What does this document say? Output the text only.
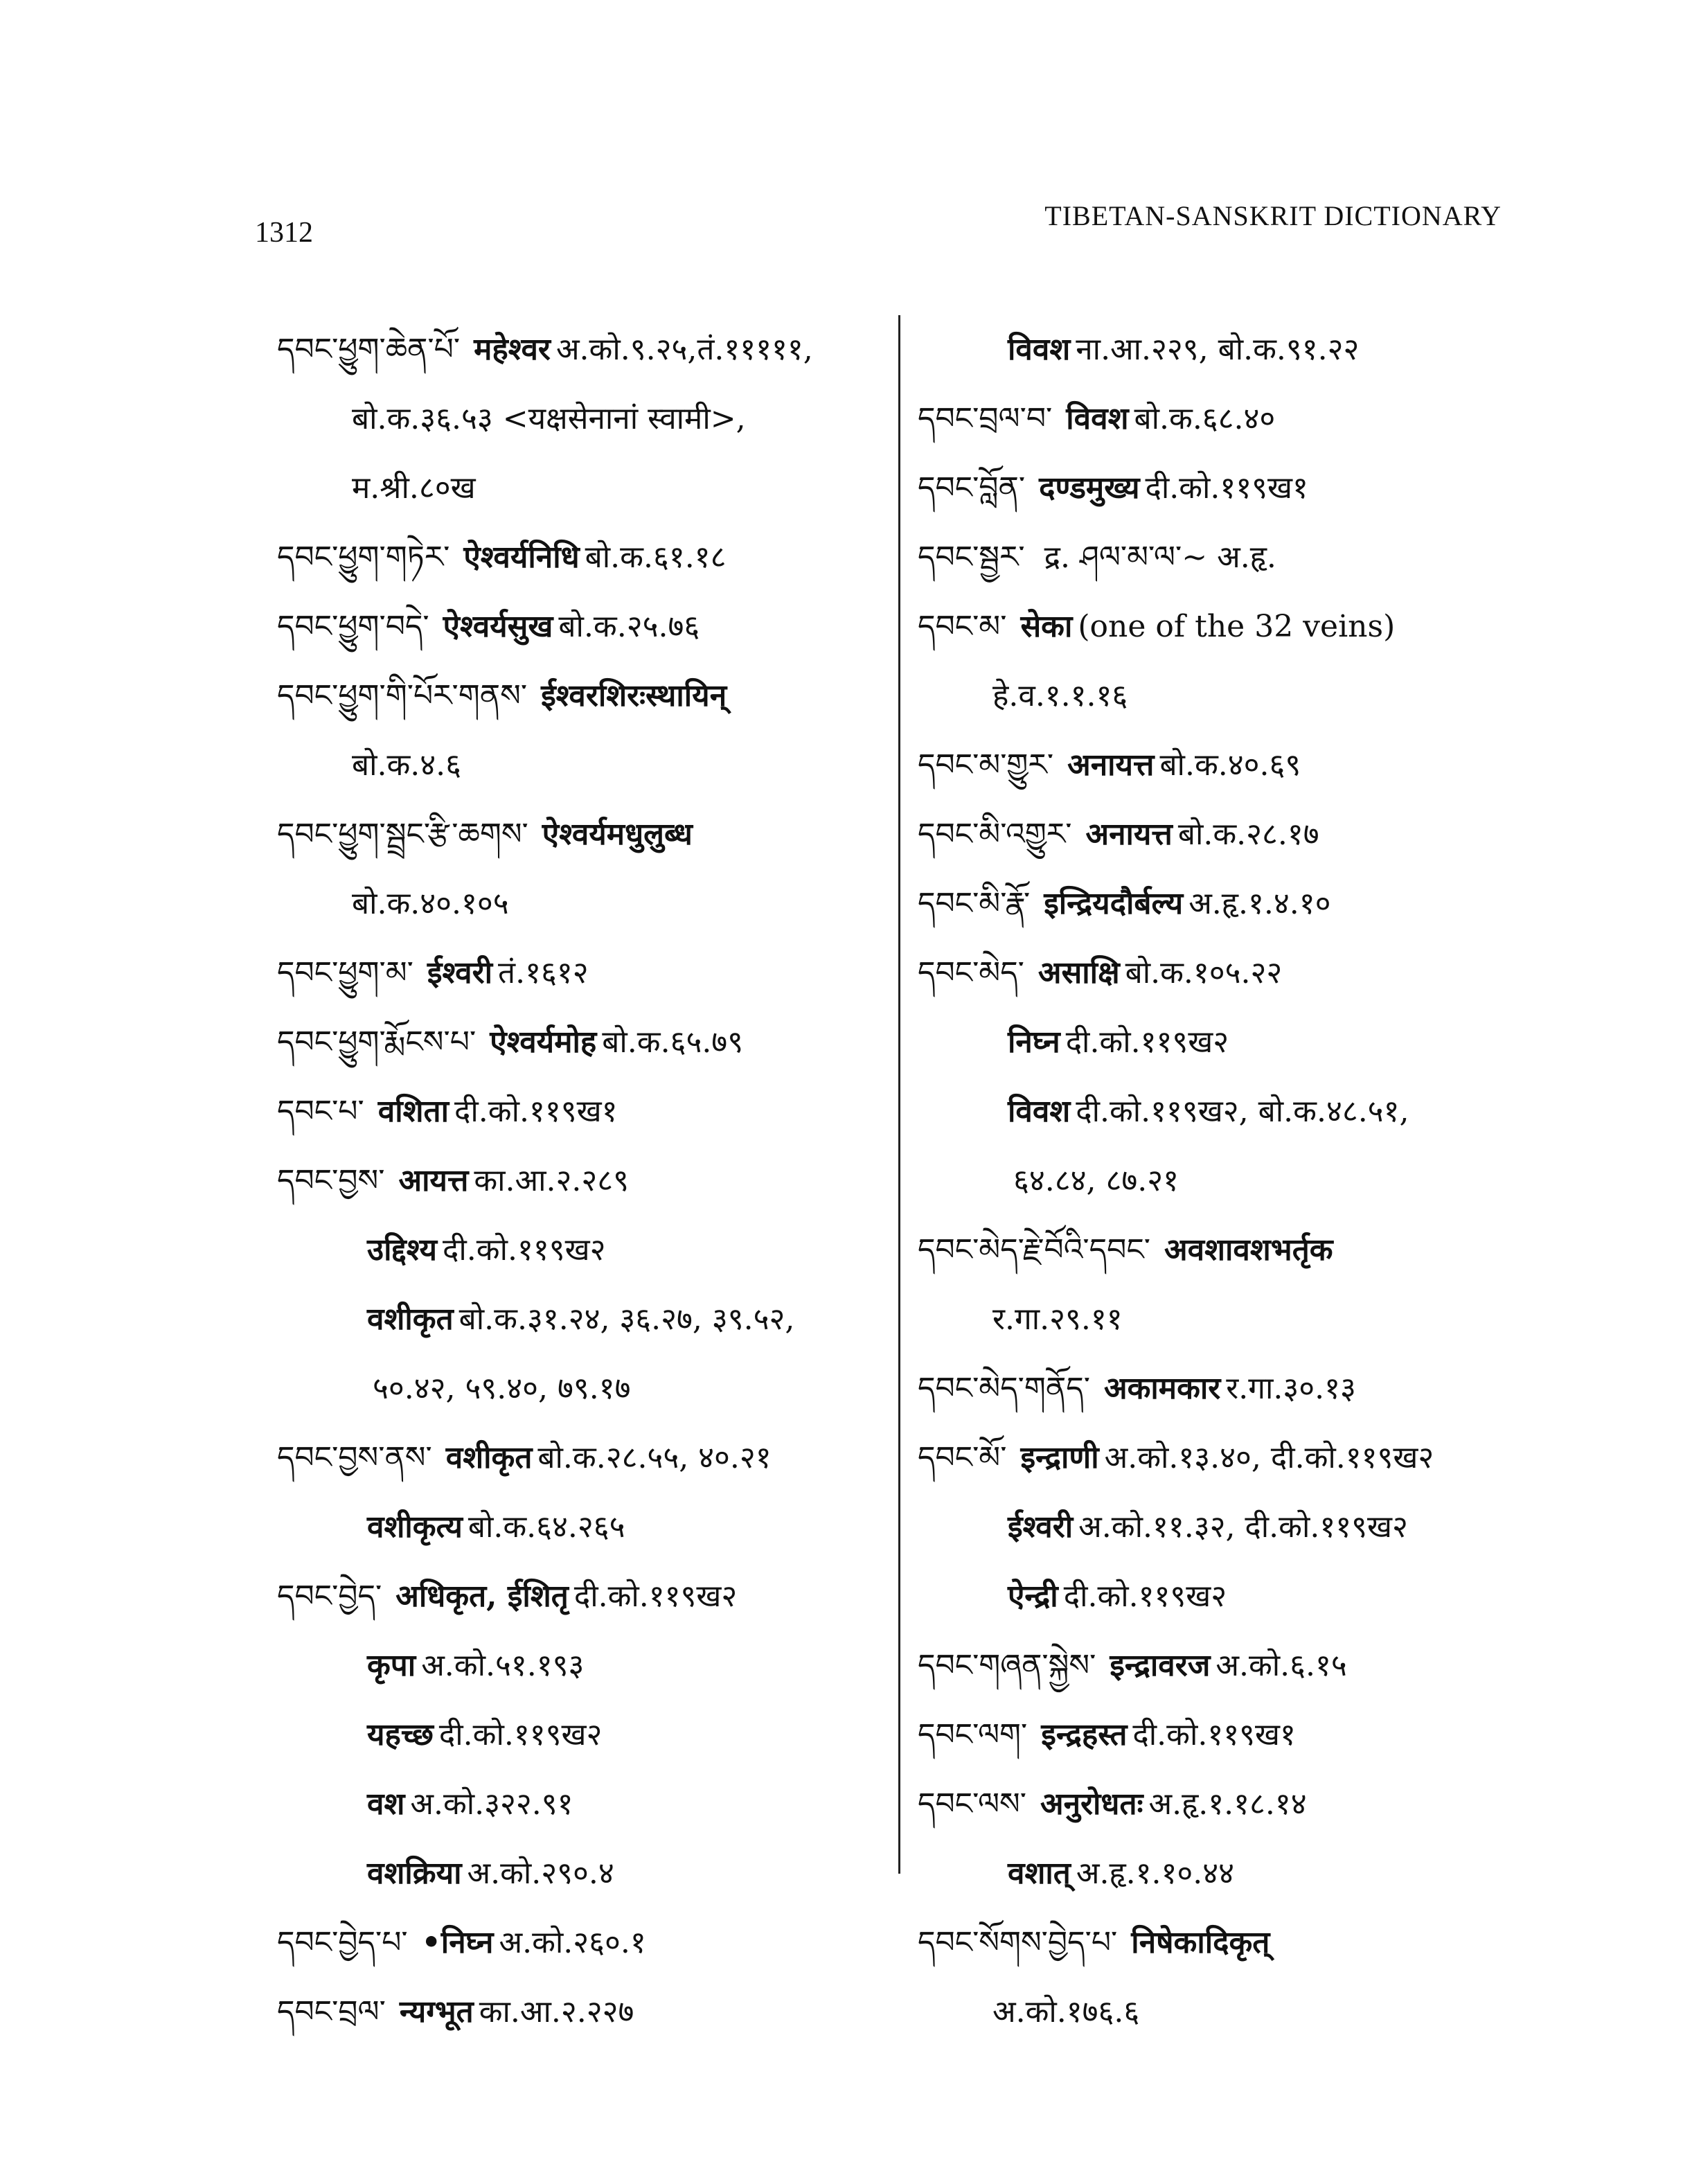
1312
TIBETAN-SANSKRIT DICTIONARY
དབང་ཕྱུག་ཆེན་པོ་ महेश्वर अ.को.९.२५,तं.१११११,
बो.क.३६.५३ <यक्षसेनानां स्वामी>,
म.श्री.८०ख
དབང་ཕྱུག་གཏེར་ ऐश्वर्यनिधि बो.क.६१.१८
དབང་ཕྱུག་བདེ་ ऐश्वर्यसुख बो.क.२५.७६
དབང་ཕྱུག་གི་པོར་གནས་ ईश्वरशिरःस्थायिन्
बो.क.४.६
དབང་ཕྱུག་སྦྲང་རྩི་ཆགས་ ऐश्वर्यमधुलुब्ध
बो.क.४०.१०५
དབང་ཕྱུག་མ་ ईश्वरी तं.१६१२
དབང་ཕྱུག་རྨོངས་པ་ ऐश्वर्यमोह बो.क.६५.७९
དབང་པ་ वशिता दी.को.११९ख१
དབང་བྱས་ आयत्त का.आ.२.२८९
उद्दिश्य दी.को.११९ख२
वशीकृत बो.क.३१.२४, ३६.२७, ३९.५२,
५०.४२, ५९.४०, ७९.१७
དབང་བྱས་ནས་ वशीकृत बो.क.२८.५५, ४०.२१
वशीकृत्य बो.क.६४.२६५
དབང་བྱེད་ अधिकृत, ईशितृ दी.को.११९ख२
कृपा अ.को.५१.१९३
यहच्छ दी.को.११९ख२
वश अ.को.३२२.९१
वशक्रिया अ.को.२९०.४
དབང་བྱེད་པ་ •निघ्न अ.को.२६०.१
དབང་བྲལ་ न्यग्भूत का.आ.२.२२७
विवश ना.आ.२२९, बो.क.९१.२२
དབང་བྲལ་བ་ विवश बो.क.६८.४०
དབང་བློན་ दण्डमुख्य दी.को.११९ख१
དབང་སྦྱར་ द्र. ཤལ་མ་ལ་~ अ.हृ.
དབང་མ་ सेका (one of the 32 veins)
हे.व.१.१.१६
དབང་མ་གྱུར་ अनायत्त बो.क.४०.६९
དབང་མི་འགྱུར་ अनायत्त बो.क.२८.१७
དབང་མི་རྣོ་ इन्द्रियदौर्बल्य अ.हृ.१.४.१०
དབང་མེད་ असाक्षि बो.क.१०५.२२
निघ्न दी.को.११९ख२
विवश दी.को.११९ख२, बो.क.४८.५१,
६४.८४, ८७.२१
དབང་མེད་རྗེ་བོའི་དབང་ अवशावशभर्तृक
र.गा.२९.११
དབང་མེད་གནོད་ अकामकार र.गा.३०.१३
དབང་མོ་ इन्द्राणी अ.को.१३.४०, दी.को.११९ख२
ईश्वरी अ.को.११.३२, दी.को.११९ख२
ऐन्द्री दी.को.११९ख२
དབང་གཞན་སྐྱེས་ इन्द्रावरज अ.को.६.१५
དབང་ལག་ इन्द्रहस्त दी.को.११९ख१
དབང་ལས་ अनुरोधतः अ.हृ.१.१८.१४
वशात् अ.हृ.१.१०.४४
དབང་སོགས་བྱེད་པ་ निषेकादिकृत्
अ.को.१७६.६
